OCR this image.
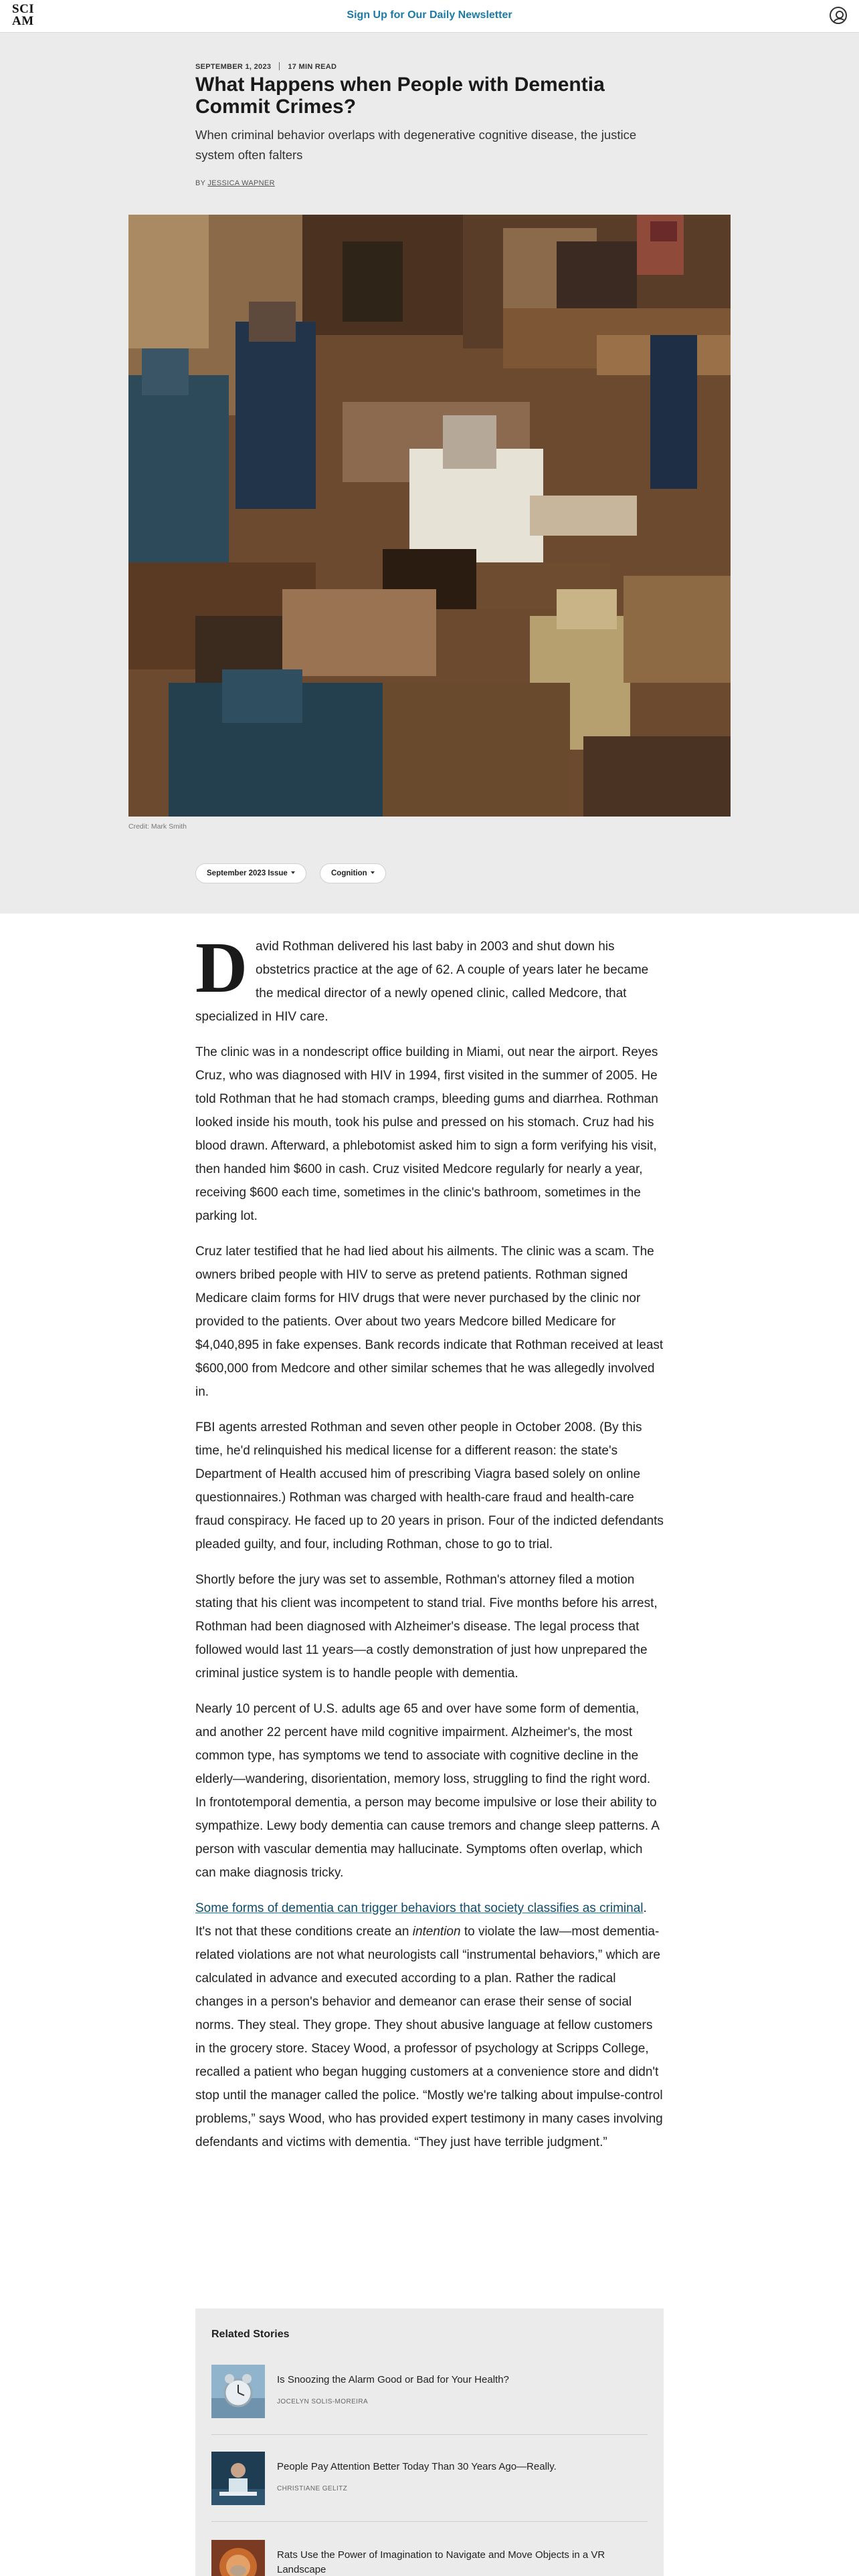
SCI
AM	Sign Up for Our Daily Newsletter
SEPTEMBER 1, 2023 17 MIN READ
What Happens when People with Dementia Commit Crimes?

When criminal behavior overlaps with degenerative cognitive disease, the justice system often falters

BY JESSICA WAPNER
Credit: Mark Smith
September 2023 Issue	Cognition

David Rothman delivered his last baby in 2003 and shut down his obstetrics practice at the age of 62. A couple of years later he became the medical director of a newly opened clinic, called Medcore, that specialized in HIV care.

The clinic was in a nondescript office building in Miami, out near the airport. Reyes Cruz, who was diagnosed with HIV in 1994, first visited in the summer of 2005. He told Rothman that he had stomach cramps, bleeding gums and diarrhea. Rothman looked inside his mouth, took his pulse and pressed on his stomach. Cruz had his blood drawn. Afterward, a phlebotomist asked him to sign a form verifying his visit, then handed him $600 in cash. Cruz visited Medcore regularly for nearly a year, receiving $600 each time, sometimes in the clinic's bathroom, sometimes in the parking lot.

Cruz later testified that he had lied about his ailments. The clinic was a scam. The owners bribed people with HIV to serve as pretend patients. Rothman signed Medicare claim forms for HIV drugs that were never purchased by the clinic nor provided to the patients. Over about two years Medcore billed Medicare for $4,040,895 in fake expenses. Bank records indicate that Rothman received at least $600,000 from Medcore and other similar schemes that he was allegedly involved in.

FBI agents arrested Rothman and seven other people in October 2008. (By this time, he'd relinquished his medical license for a different reason: the state's Department of Health accused him of prescribing Viagra based solely on online questionnaires.) Rothman was charged with health-care fraud and health-care fraud conspiracy. He faced up to 20 years in prison. Four of the indicted defendants pleaded guilty, and four, including Rothman, chose to go to trial.

Shortly before the jury was set to assemble, Rothman's attorney filed a motion stating that his client was incompetent to stand trial. Five months before his arrest, Rothman had been diagnosed with Alzheimer's disease. The legal process that followed would last 11 years—a costly demonstration of just how unprepared the criminal justice system is to handle people with dementia.

Nearly 10 percent of U.S. adults age 65 and over have some form of dementia, and another 22 percent have mild cognitive impairment. Alzheimer's, the most common type, has symptoms we tend to associate with cognitive decline in the elderly—wandering, disorientation, memory loss, struggling to find the right word. In frontotemporal dementia, a person may become impulsive or lose their ability to sympathize. Lewy body dementia can cause tremors and change sleep patterns. A person with vascular dementia may hallucinate. Symptoms often overlap, which can make diagnosis tricky.

Some forms of dementia can trigger behaviors that society classifies as criminal. It's not that these conditions create an intention to violate the law—most dementia-related violations are not what neurologists call “instrumental behaviors,” which are calculated in advance and executed according to a plan. Rather the radical changes in a person's behavior and demeanor can erase their sense of social norms. They steal. They grope. They shout abusive language at fellow customers in the grocery store. Stacey Wood, a professor of psychology at Scripps College, recalled a patient who began hugging customers at a convenience store and didn't stop until the manager called the police. “Mostly we're talking about impulse-control problems,” says Wood, who has provided expert testimony in many cases involving defendants and victims with dementia. “They just have terrible judgment.”

Related Stories
Is Snoozing the Alarm Good or Bad for Your Health?
JOCELYN SOLIS-MOREIRA
People Pay Attention Better Today Than 30 Years Ago—Really.
CHRISTIANE GELITZ
Rats Use the Power of Imagination to Navigate and Move Objects in a VR Landscape
